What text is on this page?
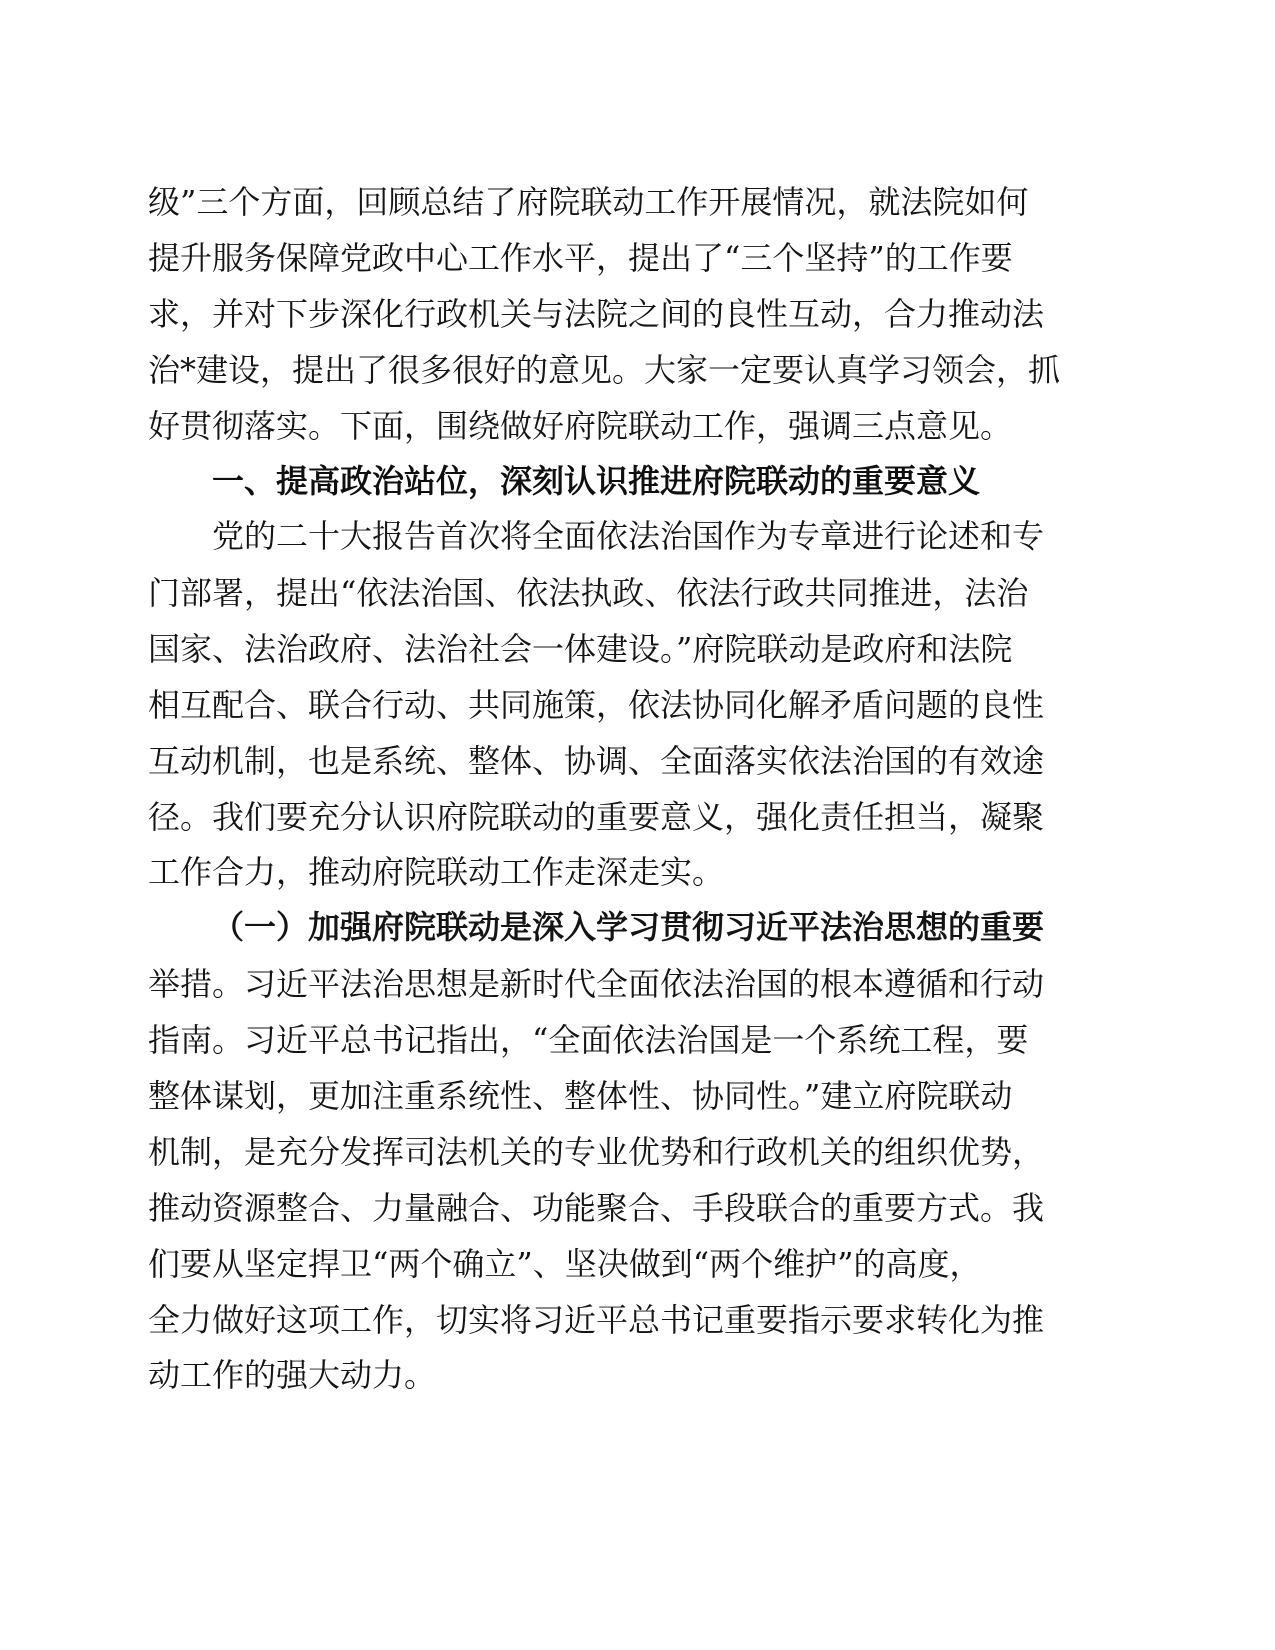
级”三个方面，回顾总结了府院联动工作开展情况，就法院如何
提升服务保障党政中心工作水平，提出了“三个坚持”的工作要
求，并对下步深化行政机关与法院之间的良性互动，合力推动法
治*建设，提出了很多很好的意见。大家一定要认真学习领会，抓
好贯彻落实。下面，围绕做好府院联动工作，强调三点意见。
一、提高政治站位，深刻认识推进府院联动的重要意义
党的二十大报告首次将全面依法治国作为专章进行论述和专
门部署，提出“依法治国、依法执政、依法行政共同推进，法治
国家、法治政府、法治社会一体建设。”府院联动是政府和法院
相互配合、联合行动、共同施策，依法协同化解矛盾问题的良性
互动机制，也是系统、整体、协调、全面落实依法治国的有效途
径。我们要充分认识府院联动的重要意义，强化责任担当，凝聚
工作合力，推动府院联动工作走深走实。
（一）加强府院联动是深入学习贯彻习近平法治思想的重要
举措。习近平法治思想是新时代全面依法治国的根本遵循和行动
指南。习近平总书记指出，“全面依法治国是一个系统工程，要
整体谋划，更加注重系统性、整体性、协同性。”建立府院联动
机制，是充分发挥司法机关的专业优势和行政机关的组织优势，
推动资源整合、力量融合、功能聚合、手段联合的重要方式。我
们要从坚定捍卫“两个确立”、坚决做到“两个维护”的高度，
全力做好这项工作，切实将习近平总书记重要指示要求转化为推
动工作的强大动力。
